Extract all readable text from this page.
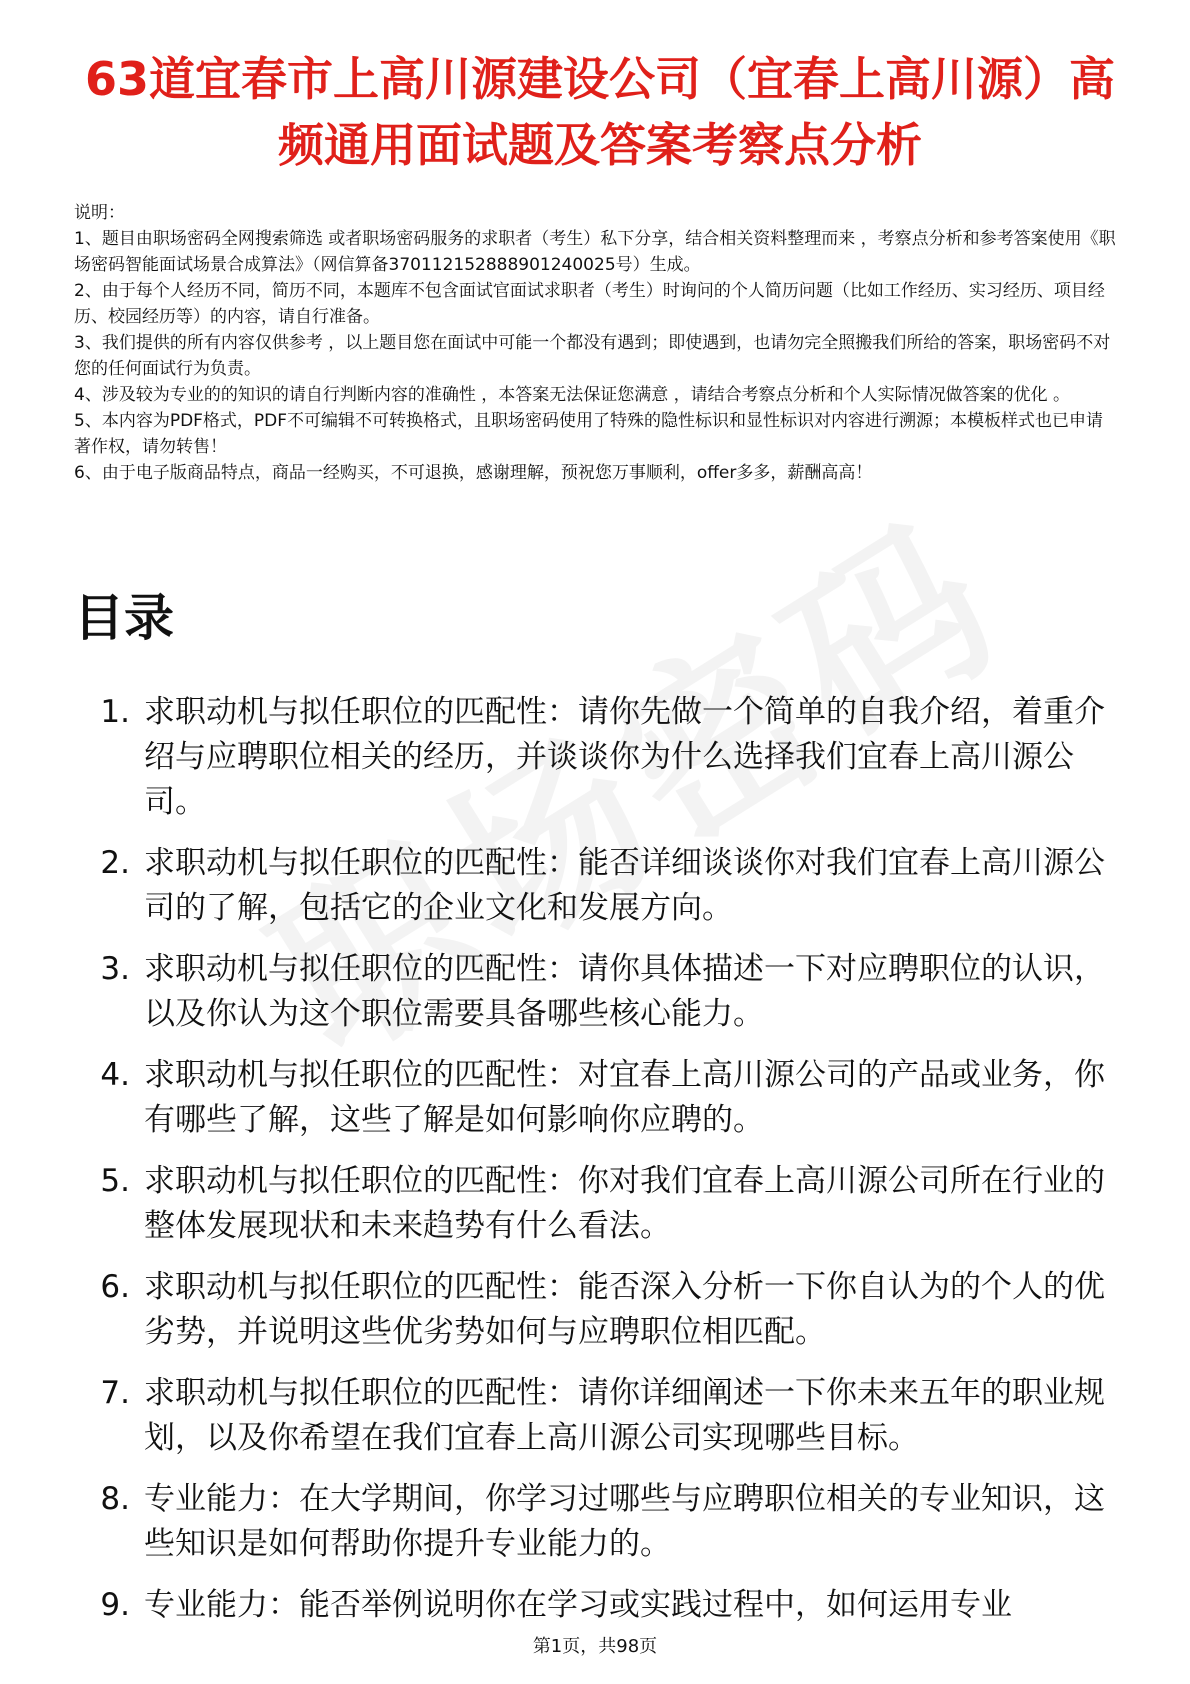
63道宜春市上高川源建设公司（宜春上高川源）高频通用面试题及答案考察点分析
说明：
1、题目由职场密码全网搜索筛选 或者职场密码服务的求职者（考生）私下分享，结合相关资料整理而来 ，考察点分析和参考答案使用《职场密码智能面试场景合成算法》（网信算备370112152888901240025号）生成。
2、由于每个人经历不同，简历不同，本题库不包含面试官面试求职者（考生）时询问的个人简历问题（比如工作经历、实习经历、项目经历、校园经历等）的内容，请自行准备。
3、我们提供的所有内容仅供参考 ，以上题目您在面试中可能一个都没有遇到；即使遇到，也请勿完全照搬我们所给的答案，职场密码不对您的任何面试行为负责。
4、涉及较为专业的的知识的请自行判断内容的准确性 ，本答案无法保证您满意 ，请结合考察点分析和个人实际情况做答案的优化 。
5、本内容为PDF格式，PDF不可编辑不可转换格式，且职场密码使用了特殊的隐性标识和显性标识对内容进行溯源；本模板样式也已申请著作权，请勿转售！
6、由于电子版商品特点，商品一经购买，不可退换，感谢理解，预祝您万事顺利，offer多多，薪酬高高！
目录
1. 求职动机与拟任职位的匹配性：请你先做一个简单的自我介绍，着重介绍与应聘职位相关的经历，并谈谈你为什么选择我们宜春上高川源公司。
2. 求职动机与拟任职位的匹配性：能否详细谈谈你对我们宜春上高川源公司的了解，包括它的企业文化和发展方向。
3. 求职动机与拟任职位的匹配性：请你具体描述一下对应聘职位的认识，以及你认为这个职位需要具备哪些核心能力。
4. 求职动机与拟任职位的匹配性：对宜春上高川源公司的产品或业务，你有哪些了解，这些了解是如何影响你应聘的。
5. 求职动机与拟任职位的匹配性：你对我们宜春上高川源公司所在行业的整体发展现状和未来趋势有什么看法。
6. 求职动机与拟任职位的匹配性：能否深入分析一下你自认为的个人的优劣势，并说明这些优劣势如何与应聘职位相匹配。
7. 求职动机与拟任职位的匹配性：请你详细阐述一下你未来五年的职业规划，以及你希望在我们宜春上高川源公司实现哪些目标。
8. 专业能力：在大学期间，你学习过哪些与应聘职位相关的专业知识，这些知识是如何帮助你提升专业能力的。
9. 专业能力：能否举例说明你在学习或实践过程中，如何运用专业
第1页，共98页
